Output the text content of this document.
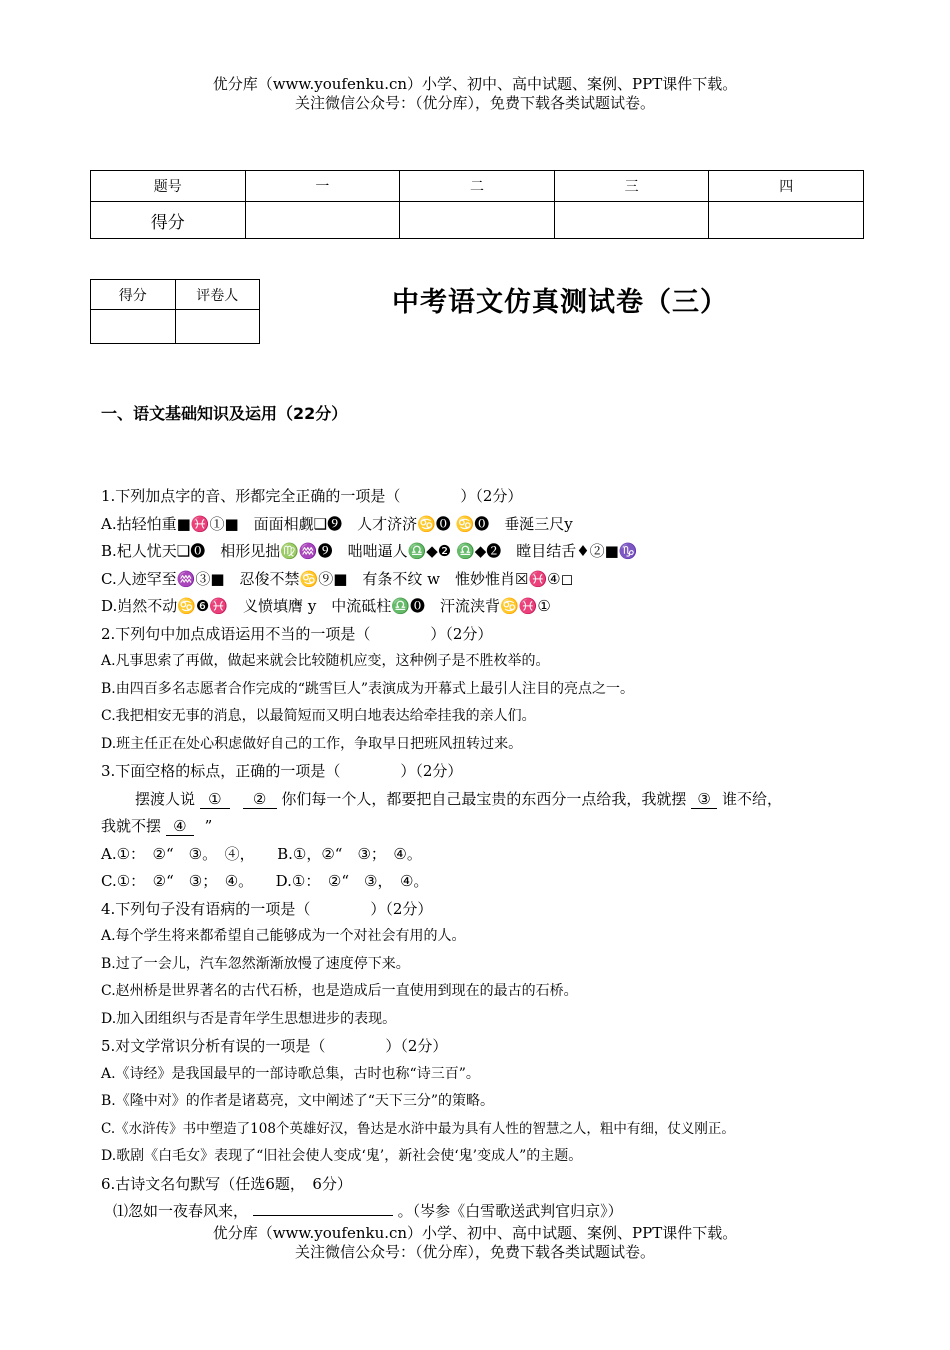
优分库（www.youfenku.cn）小学、初中、高中试题、案例、PPT课件下载。
关注微信公众号：（优分库），免费下载各类试题试卷。
题号	一	二	三	四
得分				
得分	评卷人
		中考语文仿真测试卷（三）
一、语文基础知识及运用（22分）
1.下列加点字的音、形都完全正确的一项是（　　　　）（2分）
A.拈轻怕重■♓①■　面面相觑❑❾　人才济济♋⓿ ♋⓿　垂涎三尺y
B.杞人忧天❑⓿　相形见拙♍♒❾　咄咄逼人♎◆❷ ♎◆❷　瞠目结舌♦②■♑
C.人迹罕至♒③■　忍俊不禁♋⑨■　有条不纹 w　惟妙惟肖☒♓④◻
D.岿然不动♋❻♓　义愤填膺 y　中流砥柱♎⓿　汗流浃背♋♓①
2.下列句中加点成语运用不当的一项是（　　　　）（2分）
A.凡事思索了再做，做起来就会比较随机应变，这种例子是不胜枚举的。
B.由四百多名志愿者合作完成的“跳雪巨人”表演成为开幕式上最引人注目的亮点之一。
C.我把相安无事的消息，以最简短而又明白地表达给牵挂我的亲人们。
D.班主任正在处心积虑做好自己的工作，争取早日把班风扭转过来。
3.下面空格的标点，正确的一项是（　　　　）（2分）
摆渡人说 ① ② 你们每一个人，都要把自己最宝贵的东西分一点给我，我就摆 ③ 谁不给，
我就不摆 ④ ”
A.①：　②“　③。　④，　　B.①，②“　③；　④。
C.①：　②“　③；　④。　　D.①：　②“　③，　④。
4.下列句子没有语病的一项是（　　　　）（2分）
A.每个学生将来都希望自己能够成为一个对社会有用的人。
B.过了一会儿，汽车忽然渐渐放慢了速度停下来。
C.赵州桥是世界著名的古代石桥，也是造成后一直使用到现在的最古的石桥。
D.加入团组织与否是青年学生思想进步的表现。
5.对文学常识分析有误的一项是（　　　　）（2分）
A.《诗经》是我国最早的一部诗歌总集，古时也称“诗三百”。
B.《隆中对》的作者是诸葛亮，文中阐述了“天下三分”的策略。
C.《水浒传》书中塑造了108个英雄好汉，鲁达是水浒中最为具有人性的智慧之人，粗中有细，仗义刚正。
D.歌剧《白毛女》表现了“旧社会使人变成‘鬼’，新社会使‘鬼’变成人”的主题。
6.古诗文名句默写（任选6题，　6分）
⑴忽如一夜春风来，	。（岑参《白雪歌送武判官归京》）
优分库（www.youfenku.cn）小学、初中、高中试题、案例、PPT课件下载。
关注微信公众号：（优分库），免费下载各类试题试卷。
